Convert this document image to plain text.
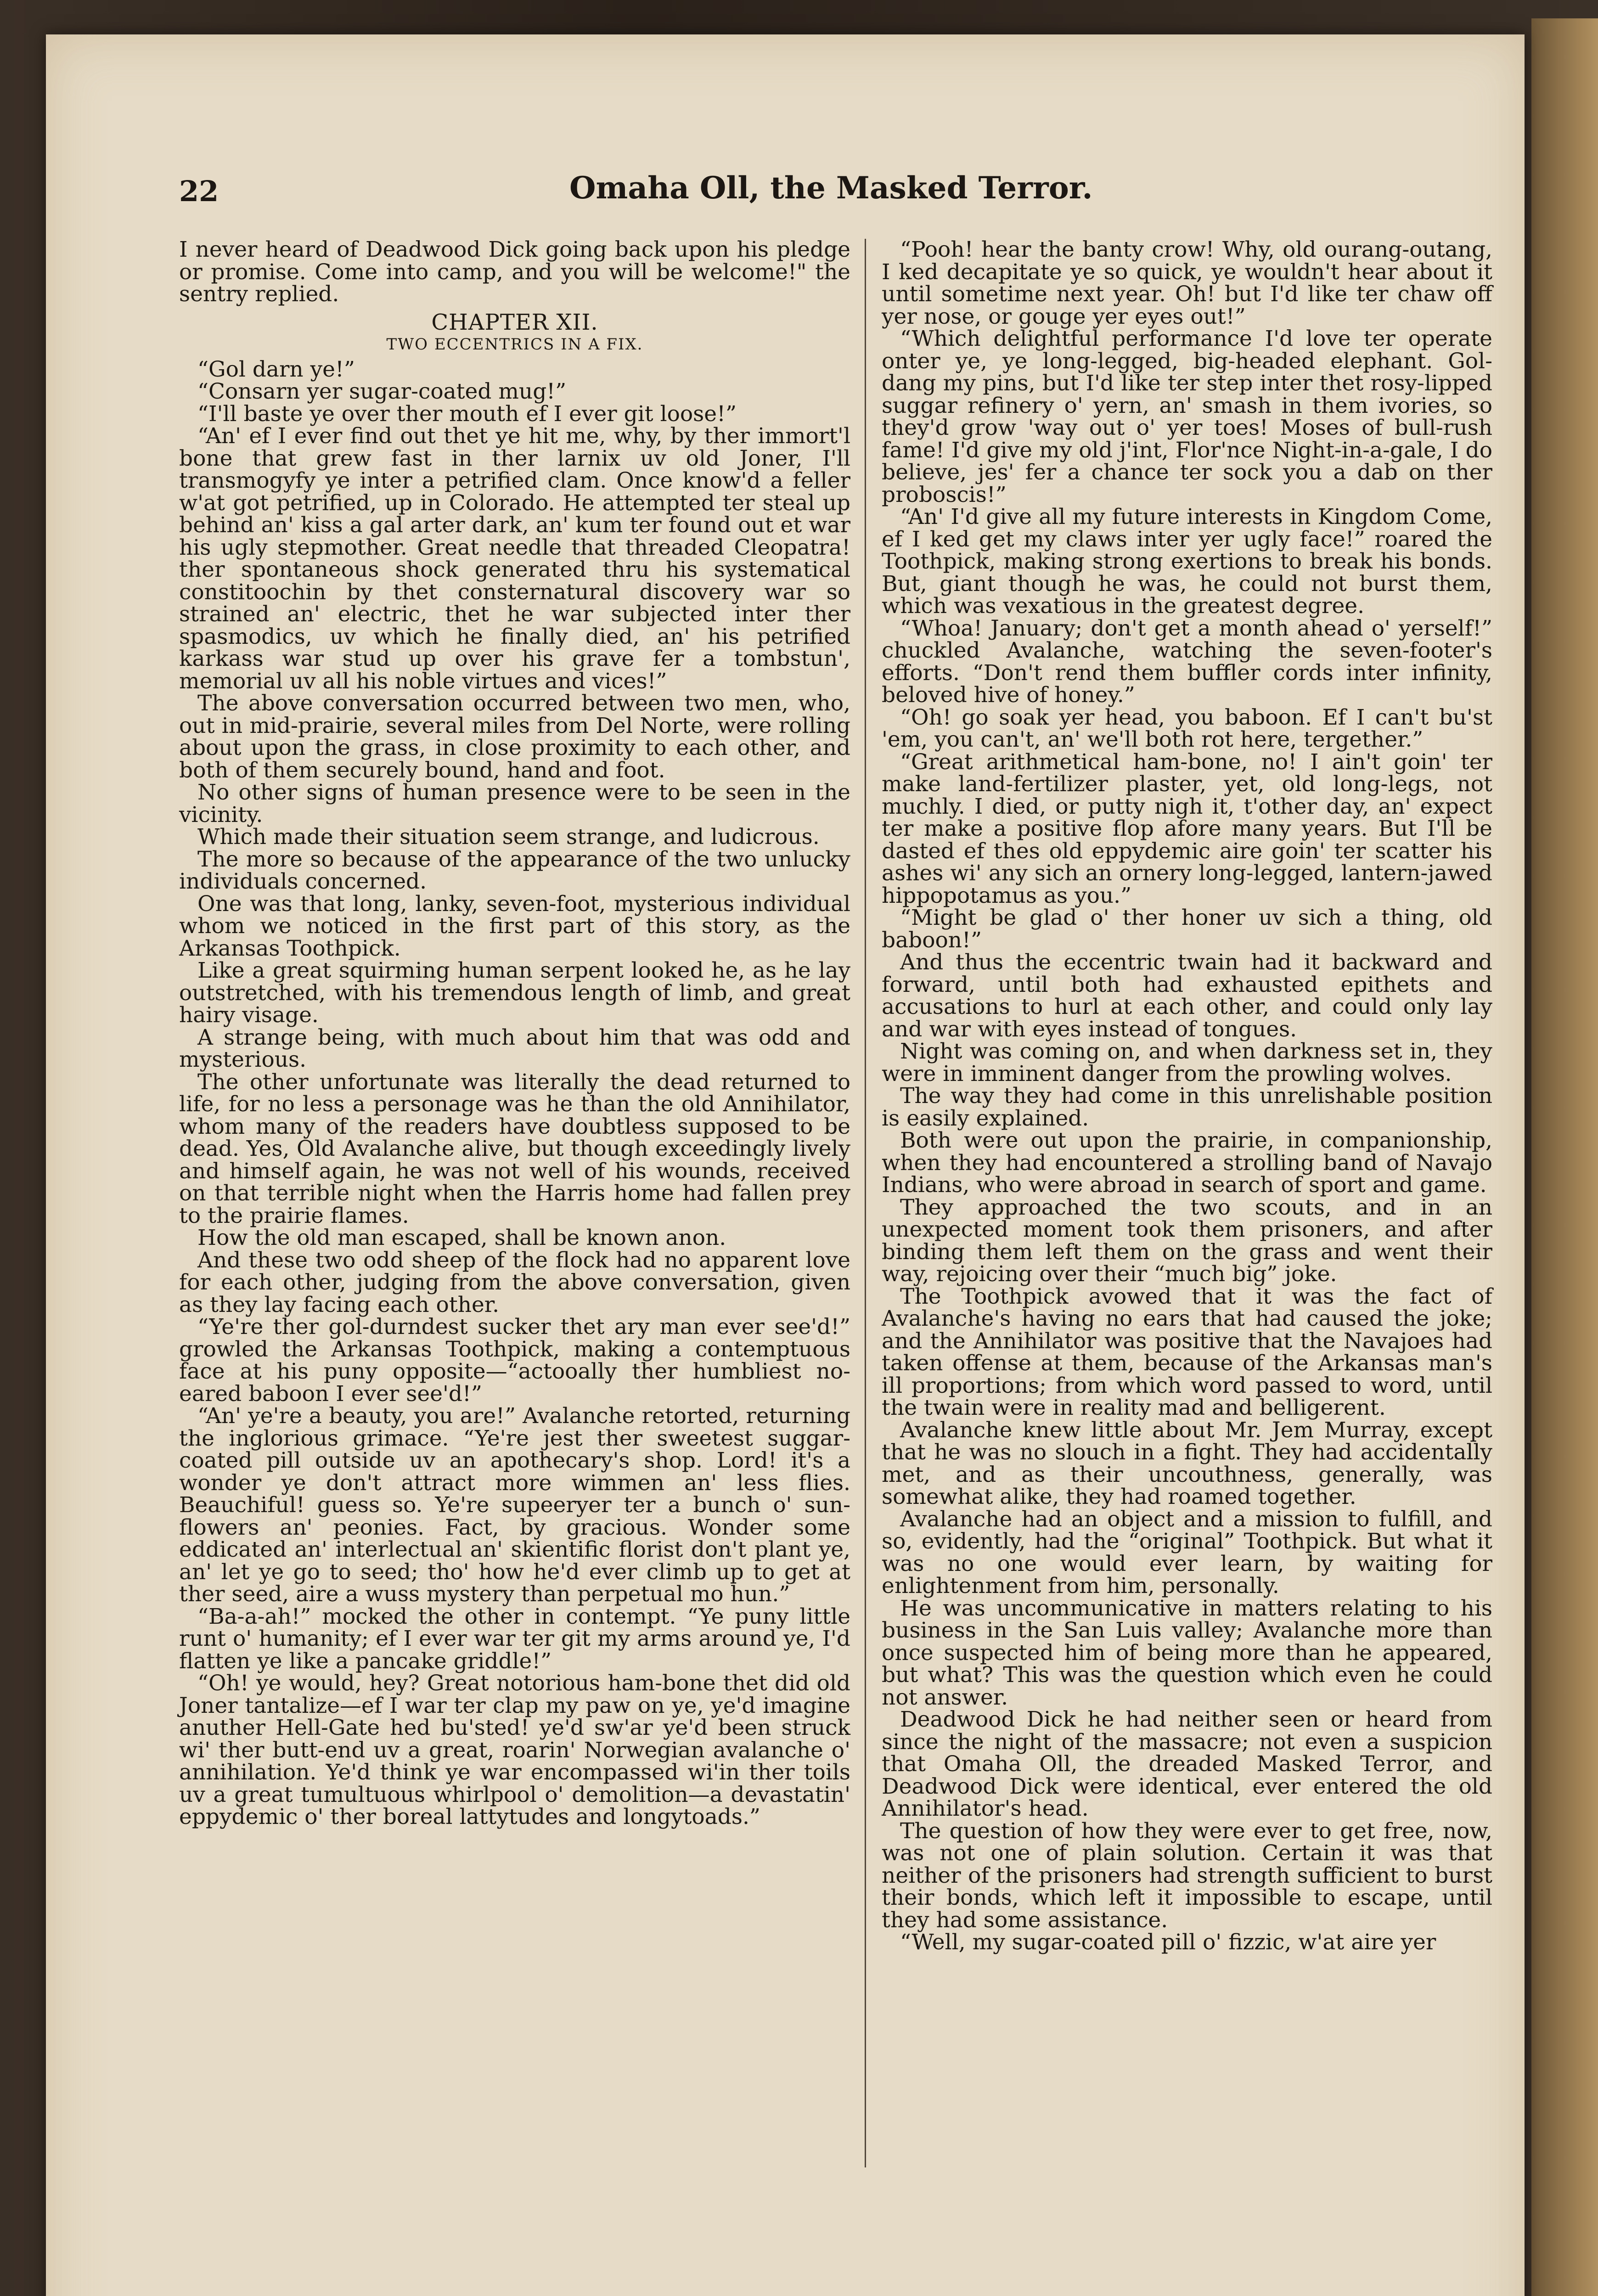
22	Omaha Oll, the Masked Terror.

I never heard of Deadwood Dick going back upon his pledge or promise. Come into camp, and you will be welcome!" the sentry replied.

CHAPTER XII.
TWO ECCENTRICS IN A FIX.

“Gol darn ye!”

“Consarn yer sugar-coated mug!”

“I'll baste ye over ther mouth ef I ever git loose!”

“An' ef I ever find out thet ye hit me, why, by ther immort'l bone that grew fast in ther larnix uv old Joner, I'll transmogyfy ye inter a petrified clam. Once know'd a feller w'at got petrified, up in Colorado. He attempted ter steal up behind an' kiss a gal arter dark, an' kum ter found out et war his ugly stepmother. Great needle that threaded Cleopatra! ther spontaneous shock generated thru his systematical constitoochin by thet consternatural discovery war so strained an' electric, thet he war subjected inter ther spasmodics, uv which he finally died, an' his petrified karkass war stud up over his grave fer a tombstun', memorial uv all his noble virtues and vices!”

The above conversation occurred between two men, who, out in mid-prairie, several miles from Del Norte, were rolling about upon the grass, in close proximity to each other, and both of them securely bound, hand and foot.

No other signs of human presence were to be seen in the vicinity.

Which made their situation seem strange, and ludicrous.

The more so because of the appearance of the two unlucky individuals concerned.

One was that long, lanky, seven-foot, mysterious individual whom we noticed in the first part of this story, as the Arkansas Toothpick.

Like a great squirming human serpent looked he, as he lay outstretched, with his tremendous length of limb, and great hairy visage.

A strange being, with much about him that was odd and mysterious.

The other unfortunate was literally the dead returned to life, for no less a personage was he than the old Annihilator, whom many of the readers have doubtless supposed to be dead. Yes, Old Avalanche alive, but though exceedingly lively and himself again, he was not well of his wounds, received on that terrible night when the Harris home had fallen prey to the prairie flames.

How the old man escaped, shall be known anon.

And these two odd sheep of the flock had no apparent love for each other, judging from the above conversation, given as they lay facing each other.

“Ye're ther gol-durndest sucker thet ary man ever see'd!” growled the Arkansas Toothpick, making a contemptuous face at his puny opposite—“actooally ther humbliest no-eared baboon I ever see'd!”

“An' ye're a beauty, you are!” Avalanche retorted, returning the inglorious grimace. “Ye're jest ther sweetest suggar-coated pill outside uv an apothecary's shop. Lord! it's a wonder ye don't attract more wimmen an' less flies. Beauchiful! guess so. Ye're supeeryer ter a bunch o' sun-flowers an' peonies. Fact, by gracious. Wonder some eddicated an' interlectual an' skientific florist don't plant ye, an' let ye go to seed; tho' how he'd ever climb up to get at ther seed, aire a wuss mystery than perpetual mo hun.”

“Ba-a-ah!” mocked the other in contempt. “Ye puny little runt o' humanity; ef I ever war ter git my arms around ye, I'd flatten ye like a pancake griddle!”

“Oh! ye would, hey? Great notorious ham-bone thet did old Joner tantalize—ef I war ter clap my paw on ye, ye'd imagine anuther Hell-Gate hed bu'sted! ye'd sw'ar ye'd been struck wi' ther butt-end uv a great, roarin' Norwegian avalanche o' annihilation. Ye'd think ye war encompassed wi'in ther toils uv a great tumultuous whirlpool o' demolition—a devastatin' eppydemic o' ther boreal lattytudes and longytoads.”

“Pooh! hear the banty crow! Why, old ourang-outang, I ked decapitate ye so quick, ye wouldn't hear about it until sometime next year. Oh! but I'd like ter chaw off yer nose, or gouge yer eyes out!”

“Which delightful performance I'd love ter operate onter ye, ye long-legged, big-headed elephant. Gol-dang my pins, but I'd like ter step inter thet rosy-lipped suggar refinery o' yern, an' smash in them ivories, so they'd grow 'way out o' yer toes! Moses of bull-rush fame! I'd give my old j'int, Flor'nce Night-in-a-gale, I do believe, jes' fer a chance ter sock you a dab on ther proboscis!”

“An' I'd give all my future interests in Kingdom Come, ef I ked get my claws inter yer ugly face!” roared the Toothpick, making strong exertions to break his bonds. But, giant though he was, he could not burst them, which was vexatious in the greatest degree.

“Whoa! January; don't get a month ahead o' yerself!” chuckled Avalanche, watching the seven-footer's efforts. “Don't rend them buffler cords inter infinity, beloved hive of honey.”

“Oh! go soak yer head, you baboon. Ef I can't bu'st 'em, you can't, an' we'll both rot here, tergether.”

“Great arithmetical ham-bone, no! I ain't goin' ter make land-fertilizer plaster, yet, old long-legs, not muchly. I died, or putty nigh it, t'other day, an' expect ter make a positive flop afore many years. But I'll be dasted ef thes old eppydemic aire goin' ter scatter his ashes wi' any sich an ornery long-legged, lantern-jawed hippopotamus as you.”

“Might be glad o' ther honer uv sich a thing, old baboon!”

And thus the eccentric twain had it backward and forward, until both had exhausted epithets and accusations to hurl at each other, and could only lay and war with eyes instead of tongues.

Night was coming on, and when darkness set in, they were in imminent danger from the prowling wolves.

The way they had come in this unrelishable position is easily explained.

Both were out upon the prairie, in companionship, when they had encountered a strolling band of Navajo Indians, who were abroad in search of sport and game.

They approached the two scouts, and in an unexpected moment took them prisoners, and after binding them left them on the grass and went their way, rejoicing over their “much big” joke.

The Toothpick avowed that it was the fact of Avalanche's having no ears that had caused the joke; and the Annihilator was positive that the Navajoes had taken offense at them, because of the Arkansas man's ill proportions; from which word passed to word, until the twain were in reality mad and belligerent.

Avalanche knew little about Mr. Jem Murray, except that he was no slouch in a fight. They had accidentally met, and as their uncouthness, generally, was somewhat alike, they had roamed together.

Avalanche had an object and a mission to fulfill, and so, evidently, had the “original” Toothpick. But what it was no one would ever learn, by waiting for enlightenment from him, personally.

He was uncommunicative in matters relating to his business in the San Luis valley; Avalanche more than once suspected him of being more than he appeared, but what? This was the question which even he could not answer.

Deadwood Dick he had neither seen or heard from since the night of the massacre; not even a suspicion that Omaha Oll, the dreaded Masked Terror, and Deadwood Dick were identical, ever entered the old Annihilator's head.

The question of how they were ever to get free, now, was not one of plain solution. Certain it was that neither of the prisoners had strength sufficient to burst their bonds, which left it impossible to escape, until they had some assistance.

“Well, my sugar-coated pill o' fizzic, w'at aire yer
